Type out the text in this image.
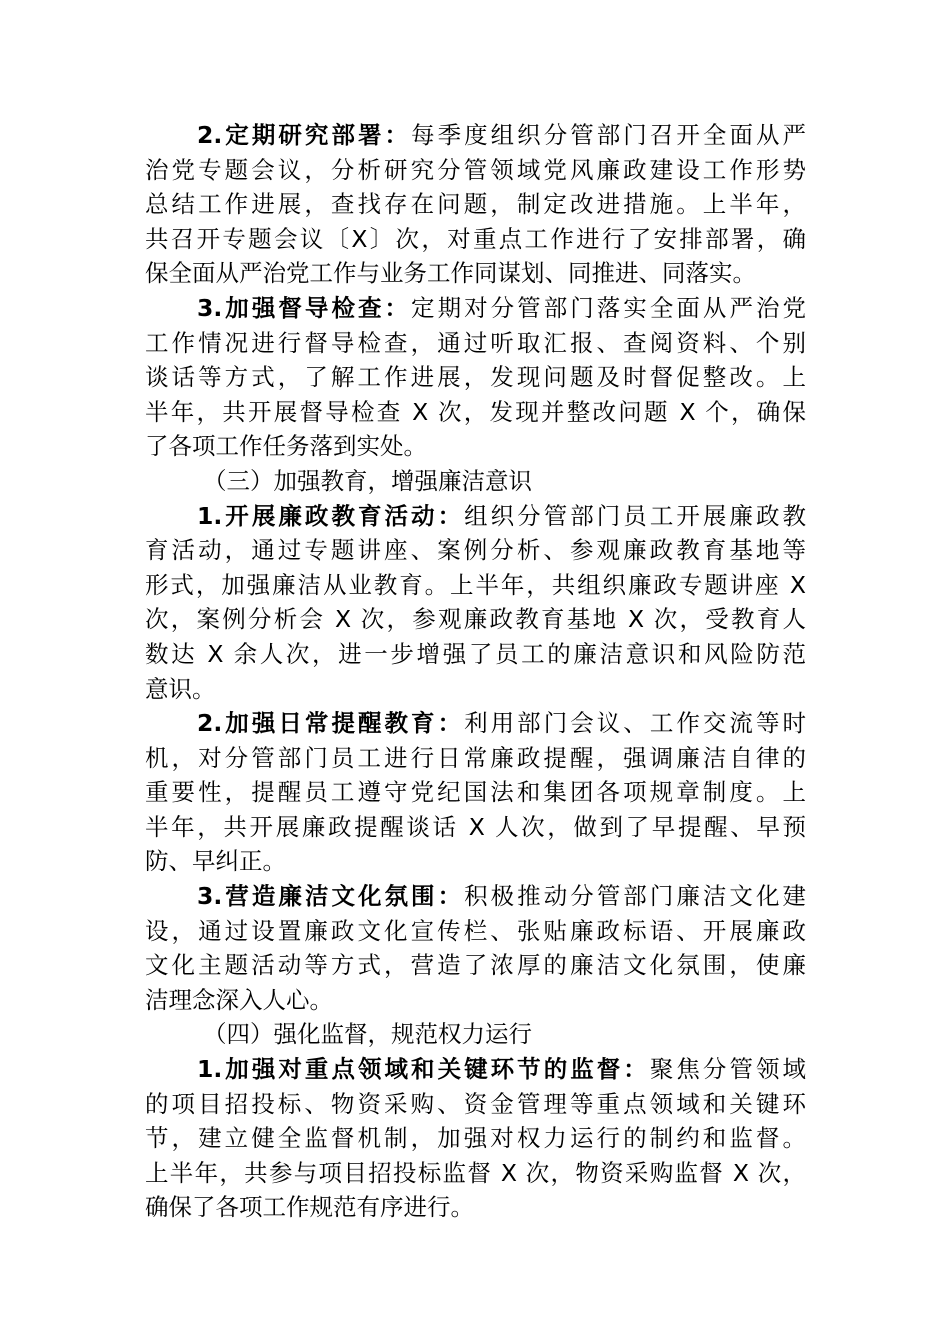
2.定期研究部署：每季度组织分管部门召开全面从严
治党专题会议，分析研究分管领域党风廉政建设工作形势
总结工作进展，查找存在问题，制定改进措施。上半年，
共召开专题会议〔X〕次，对重点工作进行了安排部署，确
保全面从严治党工作与业务工作同谋划、同推进、同落实。
3.加强督导检查：定期对分管部门落实全面从严治党
工作情况进行督导检查，通过听取汇报、查阅资料、个别
谈话等方式，了解工作进展，发现问题及时督促整改。上
半年，共开展督导检查 X 次，发现并整改问题 X 个，确保
了各项工作任务落到实处。
（三）加强教育，增强廉洁意识
1.开展廉政教育活动：组织分管部门员工开展廉政教
育活动，通过专题讲座、案例分析、参观廉政教育基地等
形式，加强廉洁从业教育。上半年，共组织廉政专题讲座 X
次，案例分析会 X 次，参观廉政教育基地 X 次，受教育人
数达 X 余人次，进一步增强了员工的廉洁意识和风险防范
意识。
2.加强日常提醒教育：利用部门会议、工作交流等时
机，对分管部门员工进行日常廉政提醒，强调廉洁自律的
重要性，提醒员工遵守党纪国法和集团各项规章制度。上
半年，共开展廉政提醒谈话 X 人次，做到了早提醒、早预
防、早纠正。
3.营造廉洁文化氛围：积极推动分管部门廉洁文化建
设，通过设置廉政文化宣传栏、张贴廉政标语、开展廉政
文化主题活动等方式，营造了浓厚的廉洁文化氛围，使廉
洁理念深入人心。
（四）强化监督，规范权力运行
1.加强对重点领域和关键环节的监督：聚焦分管领域
的项目招投标、物资采购、资金管理等重点领域和关键环
节，建立健全监督机制，加强对权力运行的制约和监督。
上半年，共参与项目招投标监督 X 次，物资采购监督 X 次，
确保了各项工作规范有序进行。
